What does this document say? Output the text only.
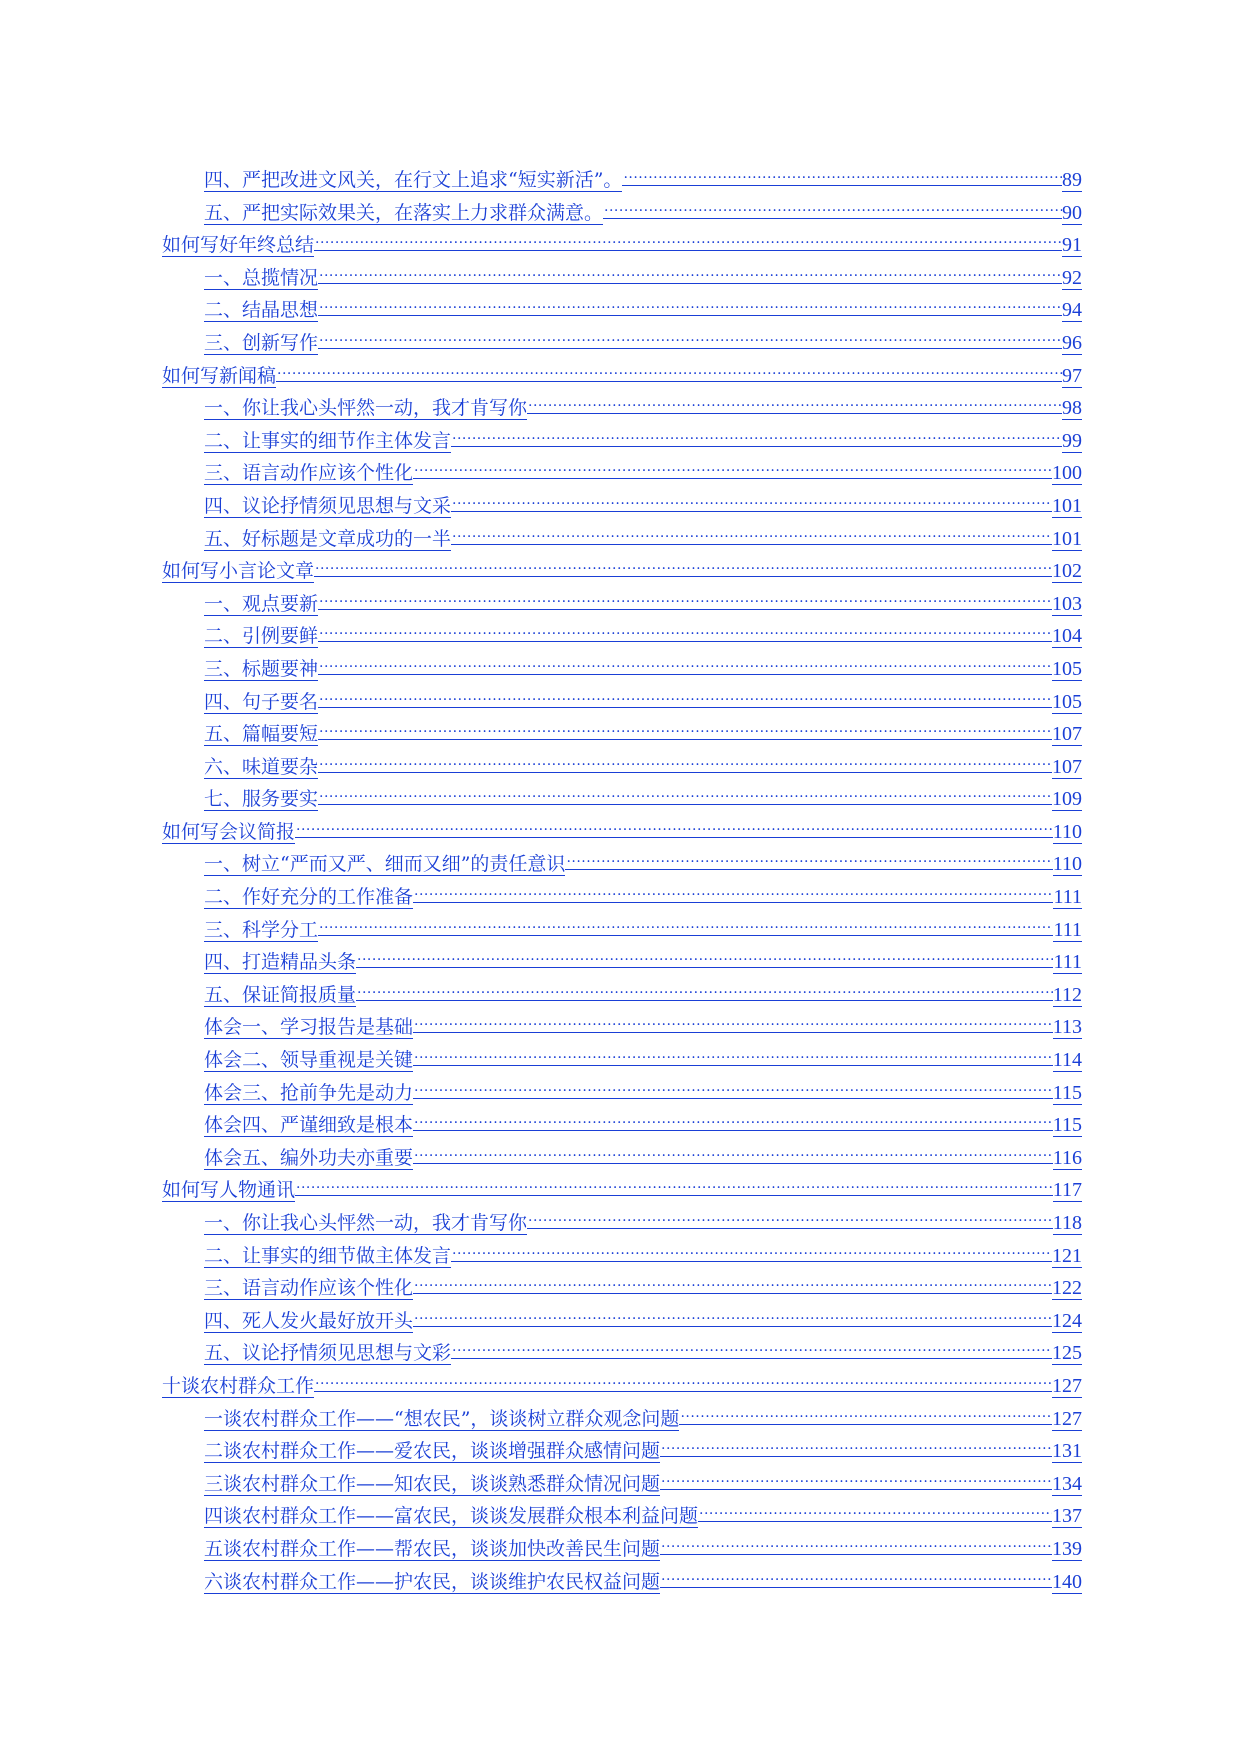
四、严把改进文风关，在行文上追求“短实新活”。 .....	89
五、严把实际效果关，在落实上力求群众满意。 .....	90
如何写好年终总结 .....	91
一、总揽情况 .....	92
二、结晶思想 .....	94
三、创新写作 .....	96
如何写新闻稿 .....	97
一、你让我心头怦然一动，我才肯写你 .....	98
二、让事实的细节作主体发言 .....	99
三、语言动作应该个性化 .....	100
四、议论抒情须见思想与文采 .....	101
五、好标题是文章成功的一半 .....	101
如何写小言论文章 .....	102
一、观点要新 .....	103
二、引例要鲜 .....	104
三、标题要神 .....	105
四、句子要名 .....	105
五、篇幅要短 .....	107
六、味道要杂 .....	107
七、服务要实 .....	109
如何写会议简报 .....	110
一、树立“严而又严、细而又细”的责任意识 .....	110
二、作好充分的工作准备 .....	111
三、科学分工 .....	111
四、打造精品头条 .....	111
五、保证简报质量 .....	112
体会一、学习报告是基础 .....	113
体会二、领导重视是关键 .....	114
体会三、抢前争先是动力 .....	115
体会四、严谨细致是根本 .....	115
体会五、编外功夫亦重要 .....	116
如何写人物通讯 .....	117
一、你让我心头怦然一动，我才肯写你 .....	118
二、让事实的细节做主体发言 .....	121
三、语言动作应该个性化 .....	122
四、死人发火最好放开头 .....	124
五、议论抒情须见思想与文彩 .....	125
十谈农村群众工作 .....	127
一谈农村群众工作——“想农民”，谈谈树立群众观念问题 .....	127
二谈农村群众工作——爱农民，谈谈增强群众感情问题 .....	131
三谈农村群众工作——知农民，谈谈熟悉群众情况问题 .....	134
四谈农村群众工作——富农民，谈谈发展群众根本利益问题 .....	137
五谈农村群众工作——帮农民，谈谈加快改善民生问题 .....	139
六谈农村群众工作——护农民，谈谈维护农民权益问题 .....	140
